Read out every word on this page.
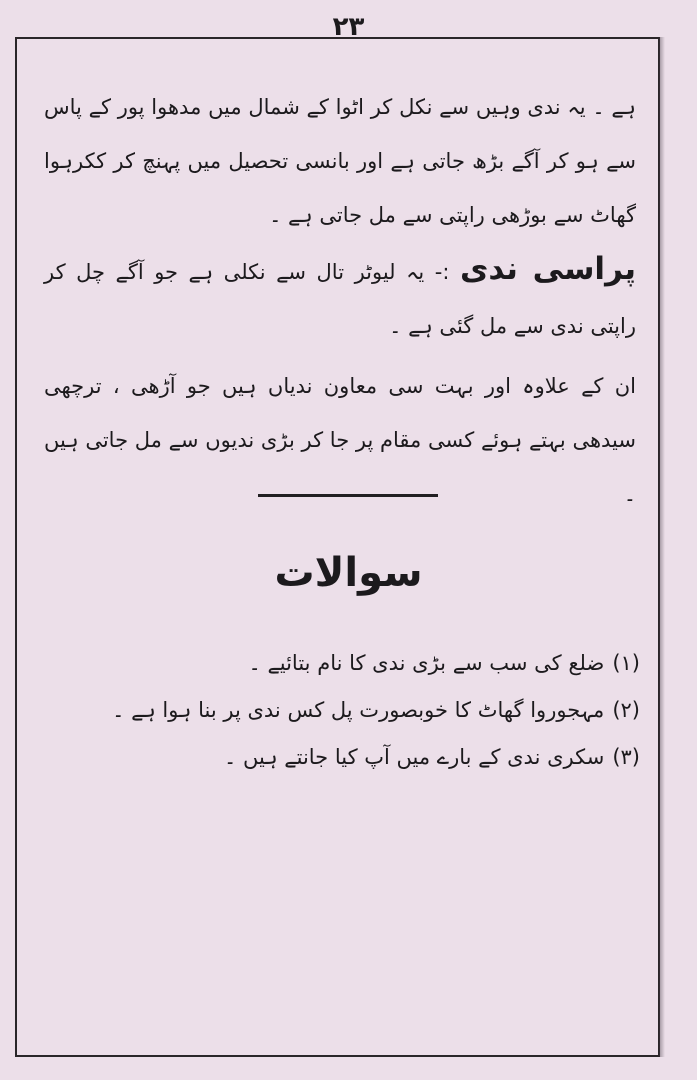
۲۳

ہے ۔ یہ ندی وہیں سے نکل کر اٹوا کے شمال میں مدھوا پور کے پاس سے ہو کر آگے بڑھ جاتی ہے اور بانسی تحصیل میں پہنچ کر ککرہوا گھاٹ سے بوڑھی راپتی سے مل جاتی ہے ۔

پراسی ندی :- یہ لیوٹر تال سے نکلی ہے جو آگے چل کر راپتی ندی سے مل گئی ہے ۔

ان کے علاوہ اور بہت سی معاون ندیاں ہیں جو آڑھی ، ترچھی سیدھی بہتے ہوئے کسی مقام پر جا کر بڑی ندیوں سے مل جاتی ہیں ۔

سوالات

(۱)ضلع کی سب سے بڑی ندی کا نام بتائیے ۔

(۲)مہجوروا گھاٹ کا خوبصورت پل کس ندی پر بنا ہوا ہے ۔

(۳)سکری ندی کے بارے میں آپ کیا جانتے ہیں ۔
